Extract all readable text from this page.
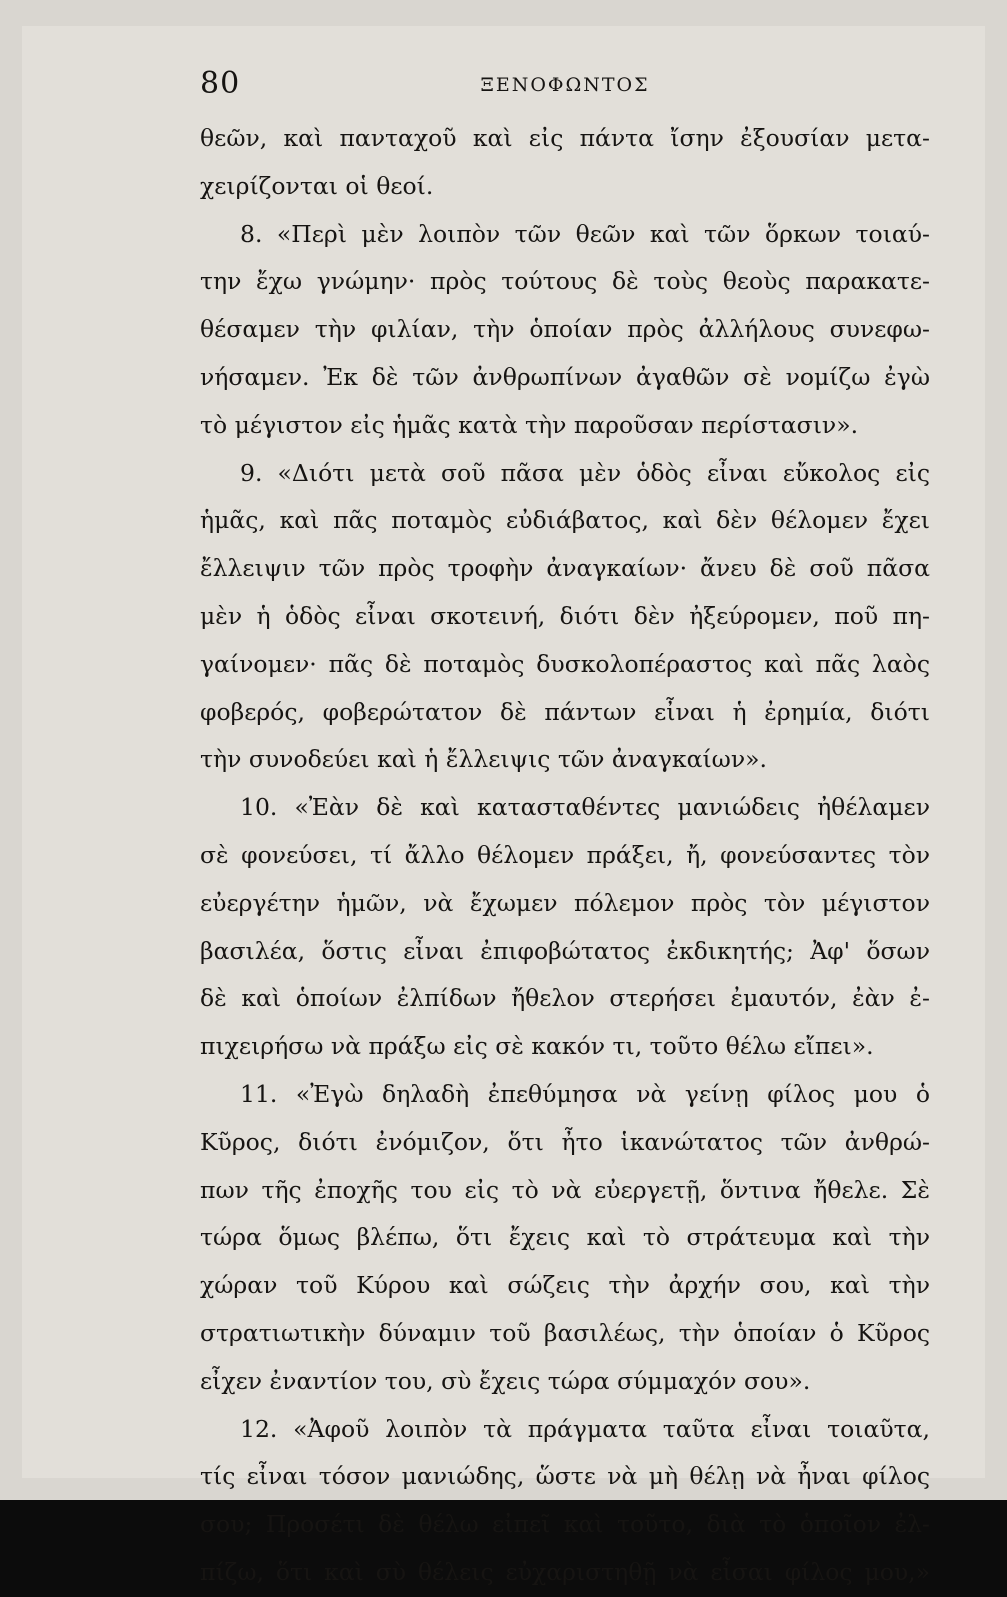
80	ΞΕΝΟΦΩΝΤΟΣ
θεῶν, καὶ πανταχοῦ καὶ εἰς πάντα ἴσην ἐξουσίαν μετα-
χειρίζονται οἱ θεοί.
8. «Περὶ μὲν λοιπὸν τῶν θεῶν καὶ τῶν ὅρκων τοιαύ-
την ἔχω γνώμην· πρὸς τούτους δὲ τοὺς θεοὺς παρακατε-
θέσαμεν τὴν φιλίαν, τὴν ὁποίαν πρὸς ἀλλήλους συνεφω-
νήσαμεν. Ἐκ δὲ τῶν ἀνθρωπίνων ἀγαθῶν σὲ νομίζω ἐγὼ
τὸ μέγιστον εἰς ἡμᾶς κατὰ τὴν παροῦσαν περίστασιν».
9. «Διότι μετὰ σοῦ πᾶσα μὲν ὁδὸς εἶναι εὔκολος εἰς
ἡμᾶς, καὶ πᾶς ποταμὸς εὐδιάβατος, καὶ δὲν θέλομεν ἔχει
ἔλλειψιν τῶν πρὸς τροφὴν ἀναγκαίων· ἄνευ δὲ σοῦ πᾶσα
μὲν ἡ ὁδὸς εἶναι σκοτεινή, διότι δὲν ἠξεύρομεν, ποῦ πη-
γαίνομεν· πᾶς δὲ ποταμὸς δυσκολοπέραστος καὶ πᾶς λαὸς
φοβερός, φοβερώτατον δὲ πάντων εἶναι ἡ ἐρημία, διότι
τὴν συνοδεύει καὶ ἡ ἔλλειψις τῶν ἀναγκαίων».
10. «Ἐὰν δὲ καὶ κατασταθέντες μανιώδεις ἠθέλαμεν
σὲ φονεύσει, τί ἄλλο θέλομεν πράξει, ἤ, φονεύσαντες τὸν
εὐεργέτην ἡμῶν, νὰ ἔχωμεν πόλεμον πρὸς τὸν μέγιστον
βασιλέα, ὅστις εἶναι ἐπιφοβώτατος ἐκδικητής; Ἀφ' ὅσων
δὲ καὶ ὁποίων ἐλπίδων ἤθελον στερήσει ἐμαυτόν, ἐὰν ἐ-
πιχειρήσω νὰ πράξω εἰς σὲ κακόν τι, τοῦτο θέλω εἴπει».
11. «Ἐγὼ δηλαδὴ ἐπεθύμησα νὰ γείνῃ φίλος μου ὁ
Κῦρος, διότι ἐνόμιζον, ὅτι ἦτο ἱκανώτατος τῶν ἀνθρώ-
πων τῆς ἐποχῆς του εἰς τὸ νὰ εὐεργετῇ, ὅντινα ἤθελε. Σὲ
τώρα ὅμως βλέπω, ὅτι ἔχεις καὶ τὸ στράτευμα καὶ τὴν
χώραν τοῦ Κύρου καὶ σώζεις τὴν ἀρχήν σου, καὶ τὴν
στρατιωτικὴν δύναμιν τοῦ βασιλέως, τὴν ὁποίαν ὁ Κῦρος
εἶχεν ἐναντίον του, σὺ ἔχεις τώρα σύμμαχόν σου».
12. «Ἀφοῦ λοιπὸν τὰ πράγματα ταῦτα εἶναι τοιαῦτα,
τίς εἶναι τόσον μανιώδης, ὥστε νὰ μὴ θέλῃ νὰ ἦναι φίλος
σου; Προσέτι δὲ θέλω εἰπεῖ καὶ τοῦτο, διὰ τὸ ὁποῖον ἐλ-
πίζω, ὅτι καὶ σὺ θέλεις εὐχαριστηθῇ νὰ εἶσαι φίλος μου,»
